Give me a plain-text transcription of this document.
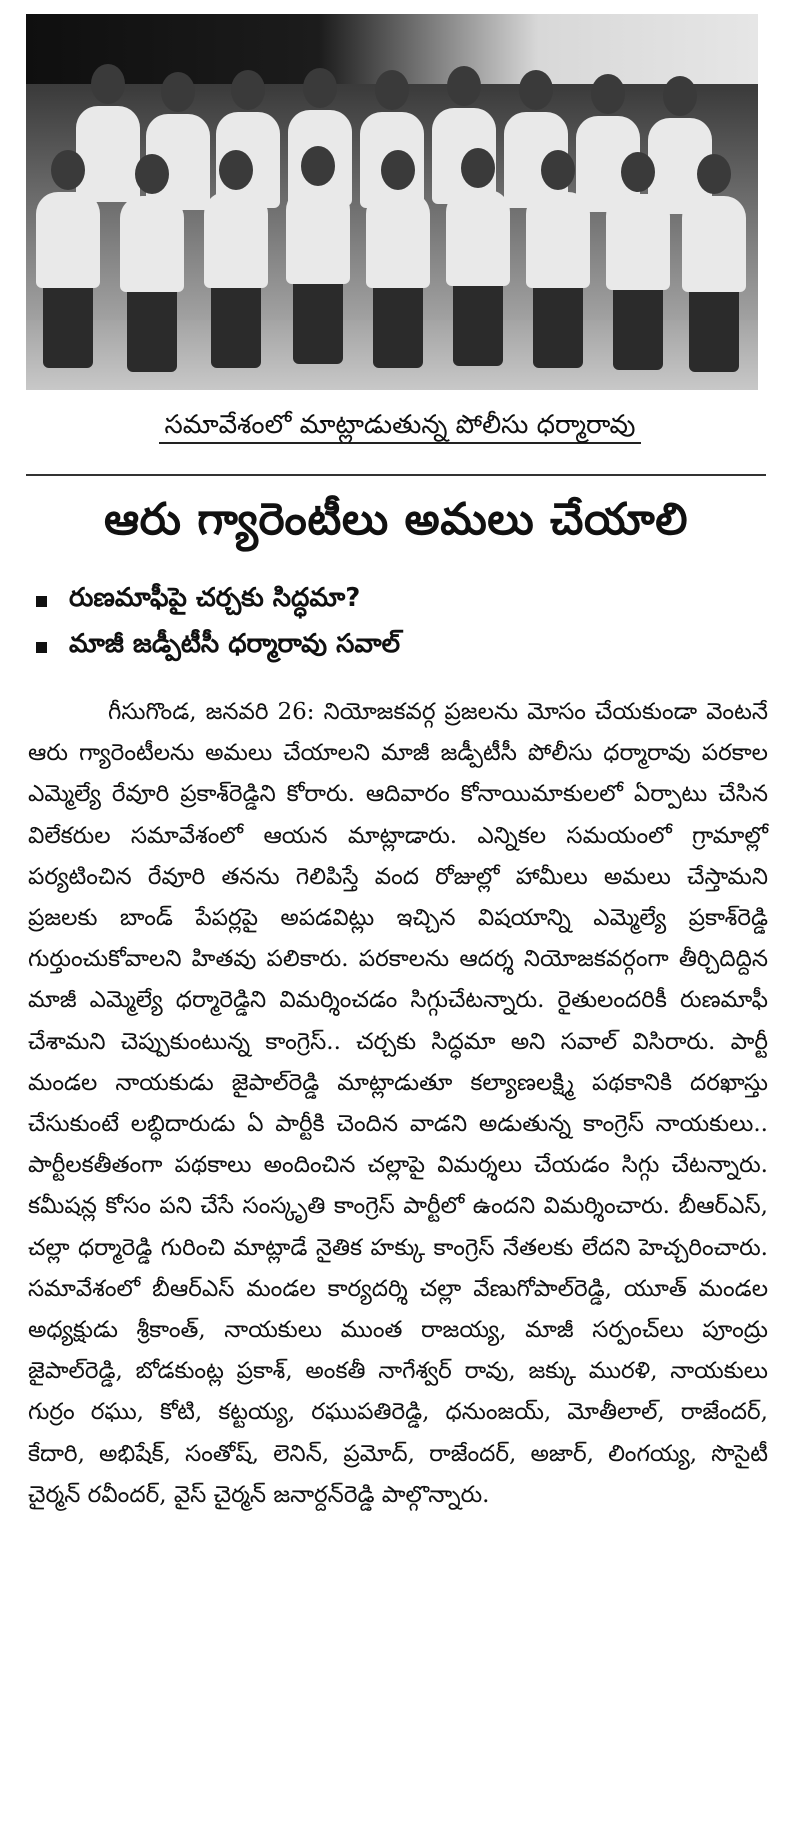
సమావేశంలో మాట్లాడుతున్న పోలీసు ధర్మారావు
ఆరు గ్యారెంటీలు అమలు చేయాలి
రుణమాఫీపై చర్చకు సిద్ధమా?
మాజీ జడ్పీటీసీ ధర్మారావు సవాల్

గీసుగొండ, జనవరి 26: నియోజకవర్గ ప్రజలను మోసం చేయకుండా వెంటనే ఆరు గ్యారెంటీలను అమలు చేయాలని మాజీ జడ్పీటీసీ పోలీసు ధర్మారావు పరకాల ఎమ్మెల్యే రేవూరి ప్రకాశ్‌రెడ్డిని కోరారు. ఆదివారం కోనాయిమాకులలో ఏర్పాటు చేసిన విలేకరుల సమావేశంలో ఆయన మాట్లాడారు. ఎన్నికల సమయంలో గ్రామాల్లో పర్యటించిన రేవూరి తనను గెలిపిస్తే వంద రోజుల్లో హామీలు అమలు చేస్తామని ప్రజలకు బాండ్ పేపర్లపై అపడవిట్లు ఇచ్చిన విషయాన్ని ఎమ్మెల్యే ప్రకాశ్‌రెడ్డి గుర్తుంచుకోవాలని హితవు పలికారు. పరకాలను ఆదర్శ నియోజకవర్గంగా తీర్చిదిద్దిన మాజీ ఎమ్మెల్యే ధర్మారెడ్డిని విమర్శించడం సిగ్గుచేటన్నారు. రైతులందరికీ రుణమాఫీ చేశామని చెప్పుకుంటున్న కాంగ్రెస్.. చర్చకు సిద్ధమా అని సవాల్ విసిరారు. పార్టీ మండల నాయకుడు జైపాల్‌రెడ్డి మాట్లాడుతూ కల్యాణలక్ష్మి పథకానికి దరఖాస్తు చేసుకుంటే లబ్ధిదారుడు ఏ పార్టీకి చెందిన వాడని అడుతున్న కాంగ్రెస్ నాయకులు.. పార్టీలకతీతంగా పథకాలు అందించిన చల్లాపై విమర్శలు చేయడం సిగ్గు చేటన్నారు. కమీషన్ల కోసం పని చేసే సంస్కృతి కాంగ్రెస్ పార్టీలో ఉందని విమర్శించారు. బీఆర్ఎస్, చల్లా ధర్మారెడ్డి గురించి మాట్లాడే నైతిక హక్కు కాంగ్రెస్ నేతలకు లేదని హెచ్చరించారు. సమావేశంలో బీఆర్ఎస్ మండల కార్యదర్శి చల్లా వేణుగోపాల్‌రెడ్డి, యూత్ మండల అధ్యక్షుడు శ్రీకాంత్, నాయకులు ముంత రాజయ్య, మాజీ సర్పంచ్‌లు పూంద్రు జైపాల్‌రెడ్డి, బోడకుంట్ల ప్రకాశ్, అంకతీ నాగేశ్వర్ రావు, జక్కు మురళి, నాయకులు గుర్రం రఘు, కోటి, కట్టయ్య, రఘుపతిరెడ్డి, ధనుంజయ్, మోతీలాల్, రాజేందర్, కేదారి, అభిషేక్, సంతోష్, లెనిన్, ప్రమోద్, రాజేందర్, అజార్, లింగయ్య, సొసైటీ చైర్మన్ రవీందర్, వైస్ చైర్మన్ జనార్దన్‌రెడ్డి పాల్గొన్నారు.
